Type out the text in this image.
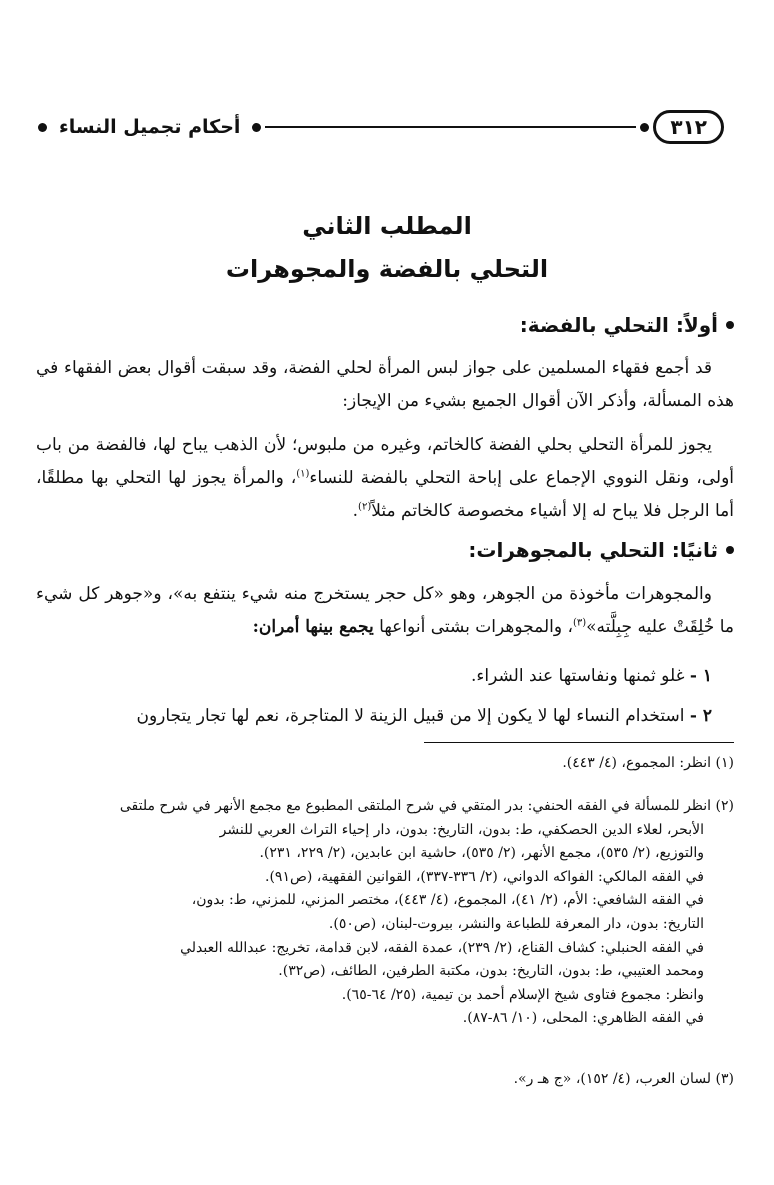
٣١٢
أحكام تجميل النساء
المطلب الثاني
التحلي بالفضة والمجوهرات
أولاً: التحلي بالفضة:
قد أجمع فقهاء المسلمين على جواز لبس المرأة لحلي الفضة، وقد سبقت أقوال بعض الفقهاء في هذه المسألة، وأذكر الآن أقوال الجميع بشيء من الإيجاز:
يجوز للمرأة التحلي بحلي الفضة كالخاتم، وغيره من ملبوس؛ لأن الذهب يباح لها، فالفضة من باب أولى، ونقل النووي الإجماع على إباحة التحلي بالفضة للنساء$^{(١)}$، والمرأة يجوز لها التحلي بها مطلقًا، أما الرجل فلا يباح له إلا أشياء مخصوصة كالخاتم مثلاً$^{(٢)}$.
ثانيًا: التحلي بالمجوهرات:
والمجوهرات مأخوذة من الجوهر، وهو «كل حجر يستخرج منه شيء ينتفع به»، و«جوهر كل شيء ما خُلِقَتْ عليه جِبِلَّته»$^{(٣)}$، والمجوهرات بشتى أنواعها يجمع بينها أمران:
١ - غلو ثمنها ونفاستها عند الشراء.
٢ - استخدام النساء لها لا يكون إلا من قبيل الزينة لا المتاجرة، نعم لها تجار يتجارون
(١) انظر: المجموع، (٤/ ٤٤٣).
(٢) انظر للمسألة في الفقه الحنفي: بدر المتقي في شرح الملتقى المطبوع مع مجمع الأنهر في شرح ملتقى
الأبحر، لعلاء الدين الحصكفي، ط: بدون، التاريخ: بدون، دار إحياء التراث العربي للنشر
والتوزيع، (٢/ ٥٣٥)، مجمع الأنهر، (٢/ ٥٣٥)، حاشية ابن عابدين، (٢/ ٢٢٩، ٢٣١).
في الفقه المالكي: الفواكه الدواني، (٢/ ٣٣٦-٣٣٧)، القوانين الفقهية، (ص٩١).
في الفقه الشافعي: الأم، (٢/ ٤١)، المجموع، (٤/ ٤٤٣)، مختصر المزني، للمزني، ط: بدون،
التاريخ: بدون، دار المعرفة للطباعة والنشر، بيروت-لبنان، (ص٥٠).
في الفقه الحنبلي: كشاف القناع، (٢/ ٢٣٩)، عمدة الفقه، لابن قدامة، تخريج: عبدالله العبدلي
ومحمد العتيبي، ط: بدون، التاريخ: بدون، مكتبة الطرفين، الطائف، (ص٣٢).
وانظر: مجموع فتاوى شيخ الإسلام أحمد بن تيمية، (٢٥/ ٦٤-٦٥).
في الفقه الظاهري: المحلى، (١٠/ ٨٦-٨٧).
(٣) لسان العرب، (٤/ ١٥٢)، «ج هـ ر».
